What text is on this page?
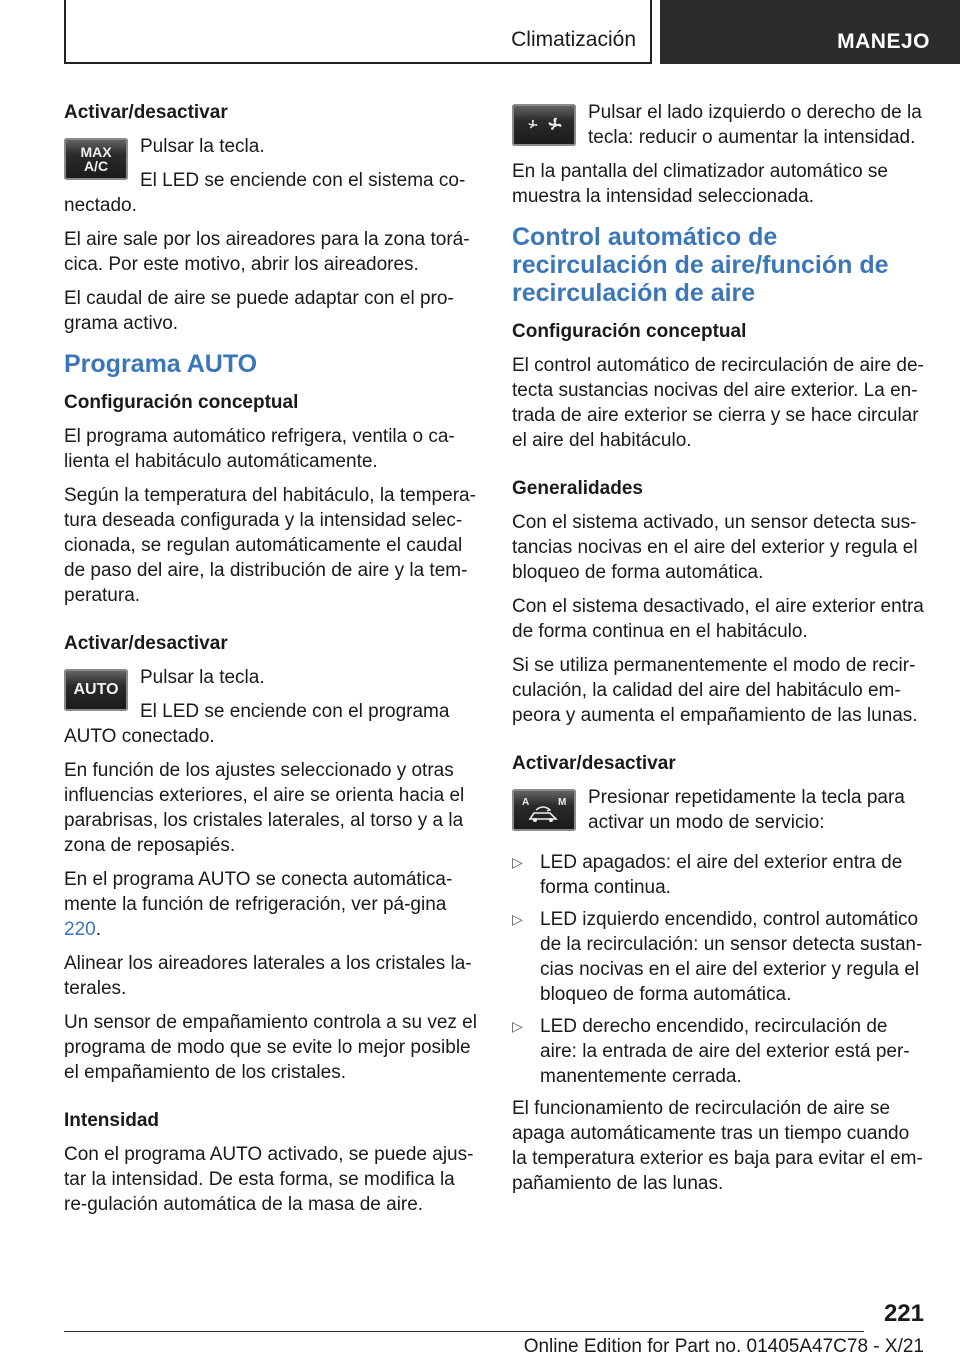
Climatización	MANEJO

Activar/desactivar

MAX
A/C

Pulsar la tecla.

El LED se enciende con el sistema co-nectado.

El aire sale por los aireadores para la zona torá-cica. Por este motivo, abrir los aireadores.

El caudal de aire se puede adaptar con el pro-grama activo.

Programa AUTO

Configuración conceptual

El programa automático refrigera, ventila o ca-lienta el habitáculo automáticamente.

Según la temperatura del habitáculo, la tempera-tura deseada configurada y la intensidad selec-cionada, se regulan automáticamente el caudal de paso del aire, la distribución de aire y la tem-peratura.

Activar/desactivar

AUTO

Pulsar la tecla.

El LED se enciende con el programa AUTO conectado.

En función de los ajustes seleccionado y otras influencias exteriores, el aire se orienta hacia el parabrisas, los cristales laterales, al torso y a la zona de reposapiés.

En el programa AUTO se conecta automática-mente la función de refrigeración, ver pá-gina 220.

Alinear los aireadores laterales a los cristales la-terales.

Un sensor de empañamiento controla a su vez el programa de modo que se evite lo mejor posible el empañamiento de los cristales.

Intensidad

Con el programa AUTO activado, se puede ajus-tar la intensidad. De esta forma, se modifica la re-gulación automática de la masa de aire.

Pulsar el lado izquierdo o derecho de la tecla: reducir o aumentar la intensidad.

En la pantalla del climatizador automático se muestra la intensidad seleccionada.

Control automático de recirculación de aire/función de recirculación de aire

Configuración conceptual

El control automático de recirculación de aire de-tecta sustancias nocivas del aire exterior. La en-trada de aire exterior se cierra y se hace circular el aire del habitáculo.

Generalidades

Con el sistema activado, un sensor detecta sus-tancias nocivas en el aire del exterior y regula el bloqueo de forma automática.

Con el sistema desactivado, el aire exterior entra de forma continua en el habitáculo.

Si se utiliza permanentemente el modo de recir-culación, la calidad del aire del habitáculo em-peora y aumenta el empañamiento de las lunas.

Activar/desactivar

A	M	Presionar repetidamente la tecla para activar un modo de servicio:

▷ LED apagados: el aire del exterior entra de forma continua.
▷ LED izquierdo encendido, control automático de la recirculación: un sensor detecta sustan-cias nocivas en el aire del exterior y regula el bloqueo de forma automática.
▷ LED derecho encendido, recirculación de aire: la entrada de aire del exterior está per-manentemente cerrada.

El funcionamiento de recirculación de aire se apaga automáticamente tras un tiempo cuando la temperatura exterior es baja para evitar el em-pañamiento de las lunas.

221
Online Edition for Part no. 01405A47C78 - X/21
